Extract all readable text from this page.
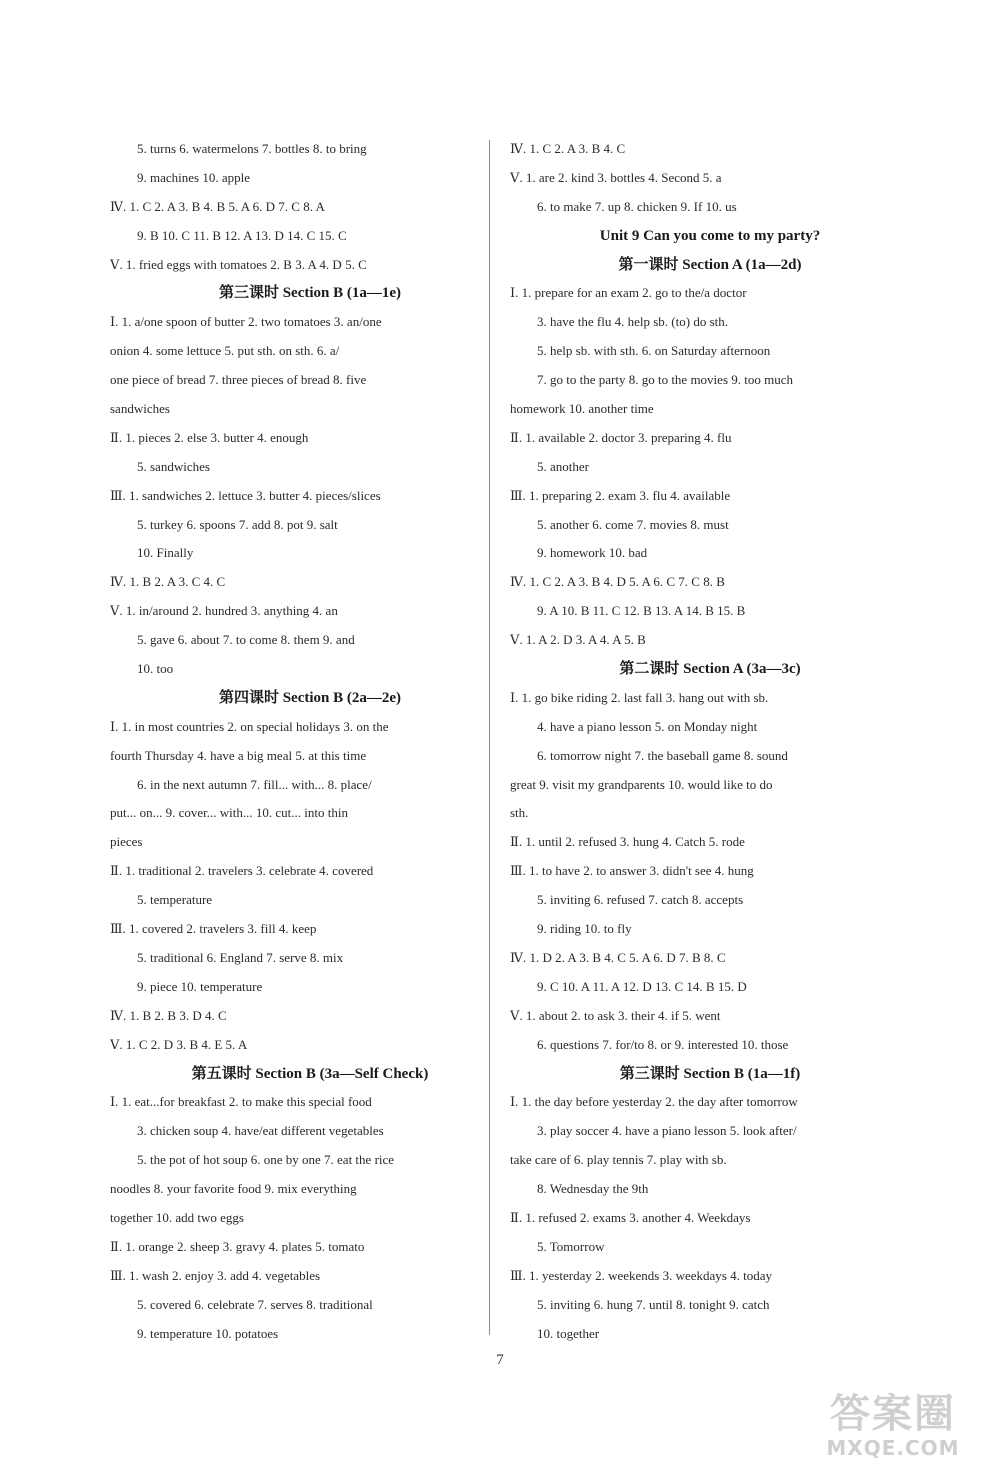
5. turns 6. watermelons 7. bottles 8. to bring
9. machines 10. apple
Ⅳ. 1. C 2. A 3. B 4. B 5. A 6. D 7. C 8. A
9. B 10. C 11. B 12. A 13. D 14. C 15. C
Ⅴ. 1. fried eggs with tomatoes 2. B 3. A 4. D 5. C
第三课时 Section B (1a—1e)
Ⅰ. 1. a/one spoon of butter 2. two tomatoes 3. an/one
onion 4. some lettuce 5. put sth. on sth. 6. a/
one piece of bread 7. three pieces of bread 8. five
sandwiches
Ⅱ. 1. pieces 2. else 3. butter 4. enough
5. sandwiches
Ⅲ. 1. sandwiches 2. lettuce 3. butter 4. pieces/slices
5. turkey 6. spoons 7. add 8. pot 9. salt
10. Finally
Ⅳ. 1. B 2. A 3. C 4. C
Ⅴ. 1. in/around 2. hundred 3. anything 4. an
5. gave 6. about 7. to come 8. them 9. and
10. too
第四课时 Section B (2a—2e)
Ⅰ. 1. in most countries 2. on special holidays 3. on the
fourth Thursday 4. have a big meal 5. at this time
6. in the next autumn 7. fill... with... 8. place/
put... on... 9. cover... with... 10. cut... into thin
pieces
Ⅱ. 1. traditional 2. travelers 3. celebrate 4. covered
5. temperature
Ⅲ. 1. covered 2. travelers 3. fill 4. keep
5. traditional 6. England 7. serve 8. mix
9. piece 10. temperature
Ⅳ. 1. B 2. B 3. D 4. C
Ⅴ. 1. C 2. D 3. B 4. E 5. A
第五课时 Section B (3a—Self Check)
Ⅰ. 1. eat...for breakfast 2. to make this special food
3. chicken soup 4. have/eat different vegetables
5. the pot of hot soup 6. one by one 7. eat the rice
noodles 8. your favorite food 9. mix everything
together 10. add two eggs
Ⅱ. 1. orange 2. sheep 3. gravy 4. plates 5. tomato
Ⅲ. 1. wash 2. enjoy 3. add 4. vegetables
5. covered 6. celebrate 7. serves 8. traditional
9. temperature 10. potatoes
Ⅳ. 1. C 2. A 3. B 4. C
Ⅴ. 1. are 2. kind 3. bottles 4. Second 5. a
6. to make 7. up 8. chicken 9. If 10. us
Unit 9 Can you come to my party?
第一课时 Section A (1a—2d)
Ⅰ. 1. prepare for an exam 2. go to the/a doctor
3. have the flu 4. help sb. (to) do sth.
5. help sb. with sth. 6. on Saturday afternoon
7. go to the party 8. go to the movies 9. too much
homework 10. another time
Ⅱ. 1. available 2. doctor 3. preparing 4. flu
5. another
Ⅲ. 1. preparing 2. exam 3. flu 4. available
5. another 6. come 7. movies 8. must
9. homework 10. bad
Ⅳ. 1. C 2. A 3. B 4. D 5. A 6. C 7. C 8. B
9. A 10. B 11. C 12. B 13. A 14. B 15. B
Ⅴ. 1. A 2. D 3. A 4. A 5. B
第二课时 Section A (3a—3c)
Ⅰ. 1. go bike riding 2. last fall 3. hang out with sb.
4. have a piano lesson 5. on Monday night
6. tomorrow night 7. the baseball game 8. sound
great 9. visit my grandparents 10. would like to do
sth.
Ⅱ. 1. until 2. refused 3. hung 4. Catch 5. rode
Ⅲ. 1. to have 2. to answer 3. didn't see 4. hung
5. inviting 6. refused 7. catch 8. accepts
9. riding 10. to fly
Ⅳ. 1. D 2. A 3. B 4. C 5. A 6. D 7. B 8. C
9. C 10. A 11. A 12. D 13. C 14. B 15. D
Ⅴ. 1. about 2. to ask 3. their 4. if 5. went
6. questions 7. for/to 8. or 9. interested 10. those
第三课时 Section B (1a—1f)
Ⅰ. 1. the day before yesterday 2. the day after tomorrow
3. play soccer 4. have a piano lesson 5. look after/
take care of 6. play tennis 7. play with sb.
8. Wednesday the 9th
Ⅱ. 1. refused 2. exams 3. another 4. Weekdays
5. Tomorrow
Ⅲ. 1. yesterday 2. weekends 3. weekdays 4. today
5. inviting 6. hung 7. until 8. tonight 9. catch
10. together
7
答案圈
MXQE.COM
